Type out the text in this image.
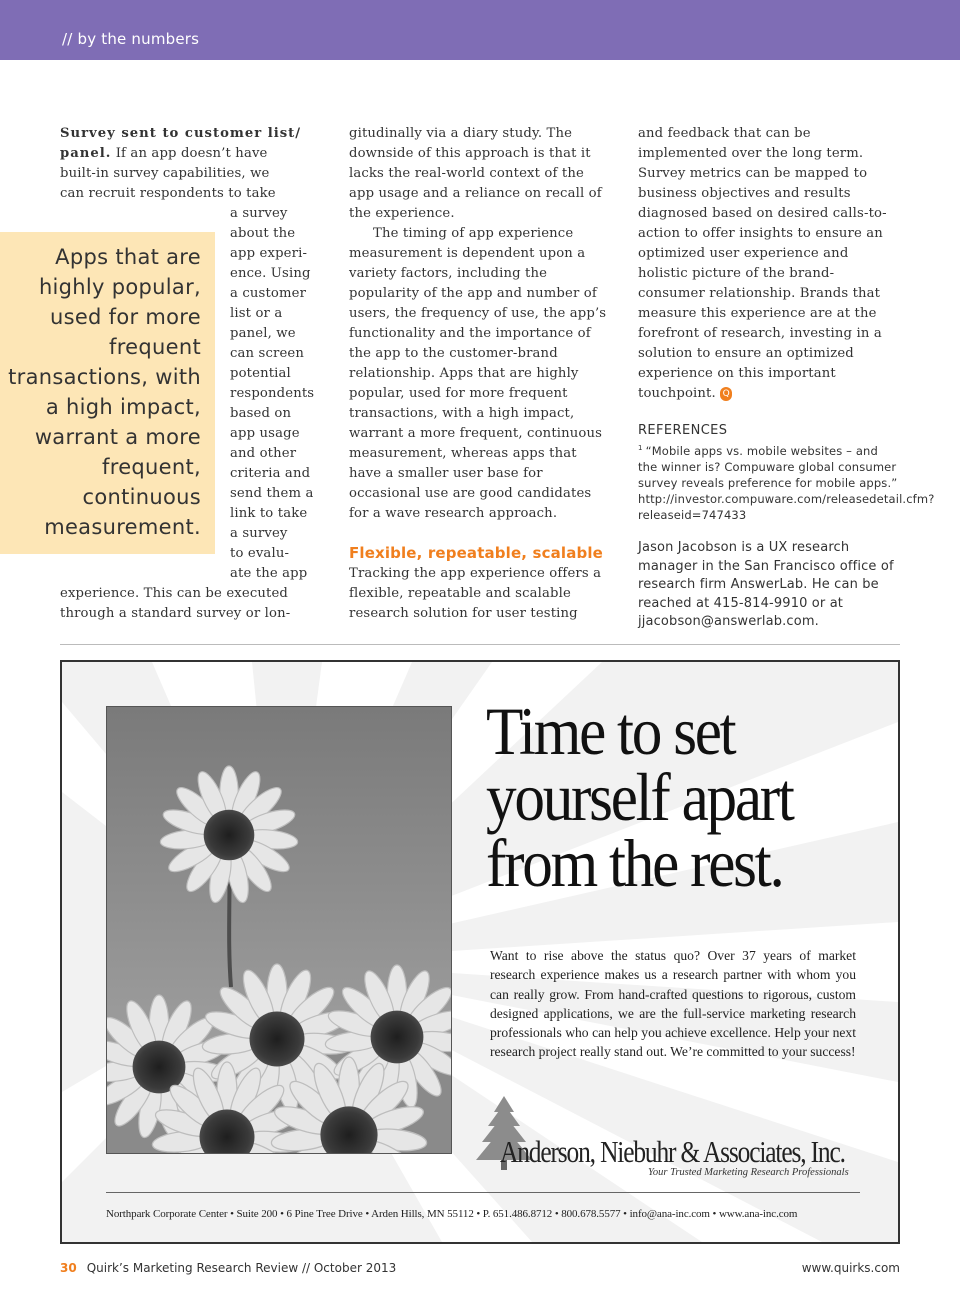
// by the numbers

Survey sent to customer list/ panel. If an app doesn’t have

built-in survey capabilities, we

can recruit respondents to take

a survey
about the
app experi-
ence. Using
a customer
list or a
panel, we
can screen
potential
respondents
based on
app usage
and other
criteria and
send them a
link to take
a survey
to evalu-
ate the app

experience. This can be executed

through a standard survey or lon-

Apps that are highly popular, used for more frequent transactions, with a high impact, warrant a more frequent, continuous measurement.

gitudinally via a diary study. The downside of this approach is that it lacks the real-world context of the app usage and a reliance on recall of the experience.

The timing of app experience measurement is dependent upon a variety factors, including the popularity of the app and number of users, the frequency of use, the app’s functionality and the importance of the app to the customer-brand relationship. Apps that are highly popular, used for more frequent transactions, with a high impact, warrant a more frequent, continuous measurement, whereas apps that have a smaller user base for occasional use are good candidates for a wave research approach.

Flexible, repeatable, scalable

Tracking the app experience offers a flexible, repeatable and scalable research solution for user testing

and feedback that can be implemented over the long term. Survey metrics can be mapped to business objectives and results diagnosed based on desired calls-to-action to offer insights to ensure an optimized user experience and holistic picture of the brand-consumer relationship. Brands that measure this experience are at the forefront of research, investing in a solution to ensure an optimized experience on this important touchpoint. Q

REFERENCES
$^1$ “Mobile apps vs. mobile websites – and the winner is? Compuware global consumer survey reveals preference for mobile apps.” http://investor.compuware.com/releasedetail.cfm?releaseid=747433
Jason Jacobson is a UX research manager in the San Francisco office of research firm AnswerLab. He can be reached at 415-814-9910 or at jjacobson@answerlab.com.
Time to set
yourself apart
from the rest.
Want to rise above the status quo? Over 37 years of market research experience makes us a research partner with whom you can really grow. From hand-crafted questions to rigorous, custom designed applications, we are the full-service marketing research professionals who can help you achieve excellence. Help your next research project really stand out. We’re committed to your success!
Anderson, Niebuhr & Associates, Inc.
Your Trusted Marketing Research Professionals
Northpark Corporate Center • Suite 200 • 6 Pine Tree Drive • Arden Hills, MN 55112 • P. 651.486.8712 • 800.678.5577 • info@ana-inc.com • www.ana-inc.com
30 Quirk’s Marketing Research Review // October 2013	www.quirks.com
